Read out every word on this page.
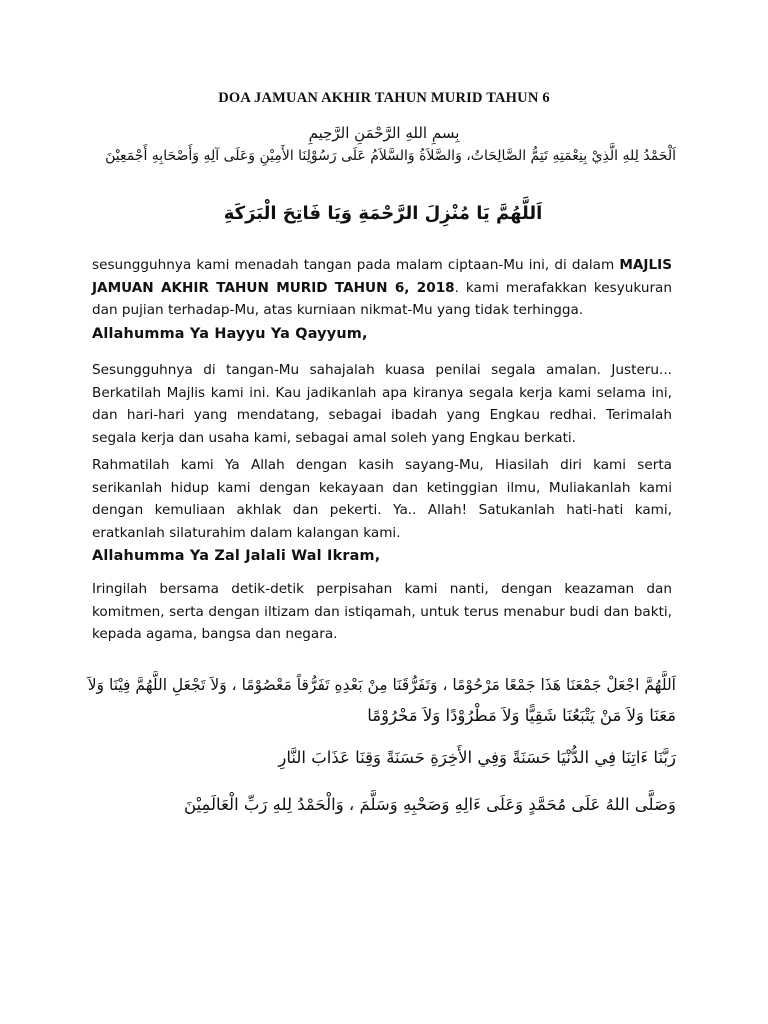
DOA JAMUAN AKHIR TAHUN MURID TAHUN 6
بِسمِ اللهِ الرَّحْمَنِ الرَّحِيمِ
اَلْحَمْدُ لِلهِ الَّذِيْ بِنِعْمَتِهِ تَتِمُّ الصَّالِحَاتُ، وَالصَّلاَةُ وَالسَّلاَمُ عَلَى رَسُوْلِنَا الأَمِيْنِ وَعَلَى آلِهِ وَأَصْحَابِهِ أَجْمَعِيْنَ
اَللَّهُمَّ يَا مُنْزِلَ الرَّحْمَةِ وَيَا فَاتِحَ الْبَرَكَةِ
sesungguhnya kami menadah tangan pada malam ciptaan-Mu ini, di dalam MAJLIS JAMUAN AKHIR TAHUN MURID TAHUN 6, 2018. kami merafakkan kesyukuran dan pujian terhadap-Mu, atas kurniaan nikmat-Mu yang tidak terhingga.
Allahumma Ya Hayyu Ya Qayyum,
Sesungguhnya di tangan-Mu sahajalah kuasa penilai segala amalan. Justeru... Berkatilah Majlis kami ini. Kau jadikanlah apa kiranya segala kerja kami selama ini, dan hari-hari yang mendatang, sebagai ibadah yang Engkau redhai. Terimalah segala kerja dan usaha kami, sebagai amal soleh yang Engkau berkati.
Rahmatilah kami Ya Allah dengan kasih sayang-Mu, Hiasilah diri kami serta serikanlah hidup kami dengan kekayaan dan ketinggian ilmu, Muliakanlah kami dengan kemuliaan akhlak dan pekerti. Ya.. Allah! Satukanlah hati-hati kami, eratkanlah silaturahim dalam kalangan kami.
Allahumma Ya Zal Jalali Wal Ikram,
Iringilah bersama detik-detik perpisahan kami nanti, dengan keazaman dan komitmen, serta dengan iltizam dan istiqamah, untuk terus menabur budi dan bakti, kepada agama, bangsa dan negara.
اَللَّهُمَّ اجْعَلْ جَمْعَنَا هَذَا جَمْعًا مَرْحُوْمًا ، وَتَفَرُّقَنَا مِنْ بَعْدِهِ تَفَرُّقاً مَعْصُوْمًا ، وَلاَ تَجْعَلِ اللَّهُمَّ فِيْنَا وَلاَ
مَعَنَا وَلاَ مَنْ يَتْبَعُنَا شَقِيًّا وَلاَ مَطْرُوْدًا وَلاَ مَحْرُوْمًا
رَبَّنَا ءَاتِنَا فِي الدُّنْيَا حَسَنَةً وَفِي الأَخِرَةِ حَسَنَةً وَقِنَا عَذَابَ النَّارِ
وَصَلَّى اللهُ عَلَى مُحَمَّدٍ وَعَلَى ءَالِهِ وَصَحْبِهِ وَسَلَّمَ ، وَالْحَمْدُ لِلهِ رَبِّ الْعَالَمِيْنَ
